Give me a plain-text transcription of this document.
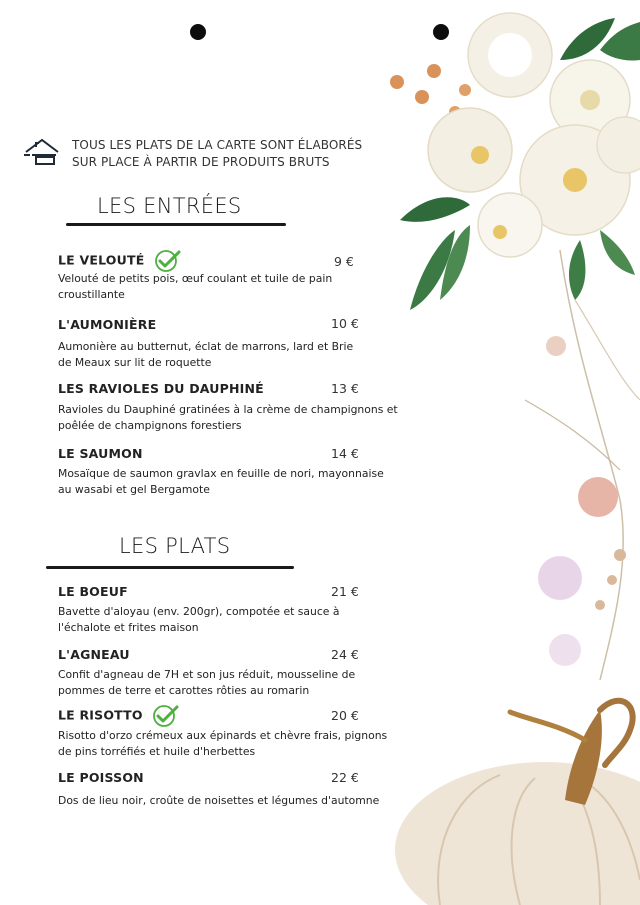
TOUS LES PLATS DE LA CARTE SONT ÉLABORÉS
SUR PLACE À PARTIR DE PRODUITS BRUTS
LES ENTRÉES
LE VELOUTÉ	9 €
Velouté de petits pois, œuf coulant et tuile de pain croustillante
L'AUMONIÈRE	10 €
Aumonière au butternut, éclat de marrons, lard et Brie de Meaux sur lit de roquette
LES RAVIOLES DU DAUPHINÉ	13 €
Ravioles du Dauphiné gratinées à la crème de champignons et poêlée de champignons forestiers
LE SAUMON	14 €
Mosaïque de saumon gravlax en feuille de nori, mayonnaise au wasabi et gel Bergamote
LES PLATS
LE BOEUF	21 €
Bavette d'aloyau (env. 200gr), compotée et sauce à l'échalote et frites maison
L'AGNEAU	24 €
Confit d'agneau de 7H et son jus réduit, mousseline de pommes de terre et carottes rôties au romarin
LE RISOTTO	20 €
Risotto d'orzo crémeux aux épinards et chèvre frais, pignons de pins torréfiés et huile d'herbettes
LE POISSON	22 €
Dos de lieu noir, croûte de noisettes et légumes d'automne
